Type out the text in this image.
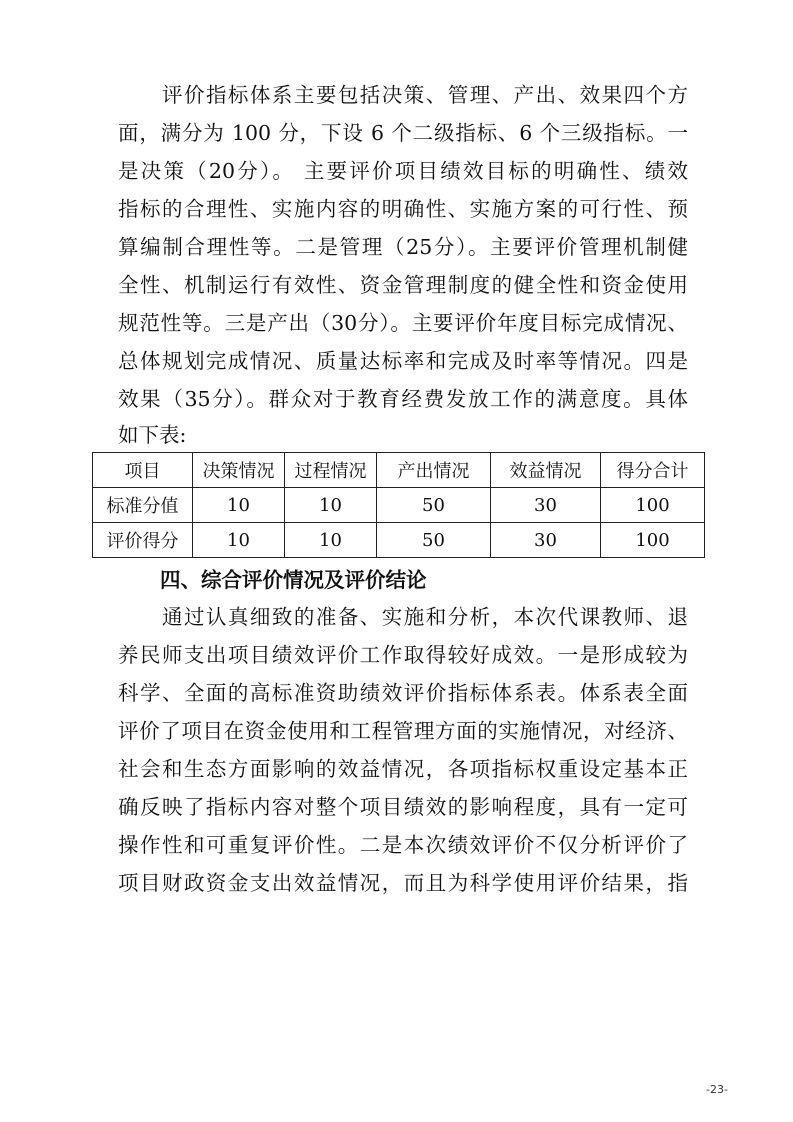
评价指标体系主要包括决策、管理、产出、效果四个方
面，满分为 100 分，下设 6 个二级指标、6 个三级指标。一
是决策（20分）。 主要评价项目绩效目标的明确性、绩效
指标的合理性、实施内容的明确性、实施方案的可行性、预
算编制合理性等。二是管理（25分）。主要评价管理机制健
全性、机制运行有效性、资金管理制度的健全性和资金使用
规范性等。三是产出（30分）。主要评价年度目标完成情况、
总体规划完成情况、质量达标率和完成及时率等情况。四是
效果（35分）。群众对于教育经费发放工作的满意度。具体
如下表:
项目	决策情况	过程情况	产出情况	效益情况	得分合计
标准分值	10	10	50	30	100
评价得分	10	10	50	30	100
四、综合评价情况及评价结论
通过认真细致的准备、实施和分析，本次代课教师、退
养民师支出项目绩效评价工作取得较好成效。一是形成较为
科学、全面的高标准资助绩效评价指标体系表。体系表全面
评价了项目在资金使用和工程管理方面的实施情况，对经济、
社会和生态方面影响的效益情况，各项指标权重设定基本正
确反映了指标内容对整个项目绩效的影响程度，具有一定可
操作性和可重复评价性。二是本次绩效评价不仅分析评价了
项目财政资金支出效益情况，而且为科学使用评价结果，指
-23-
